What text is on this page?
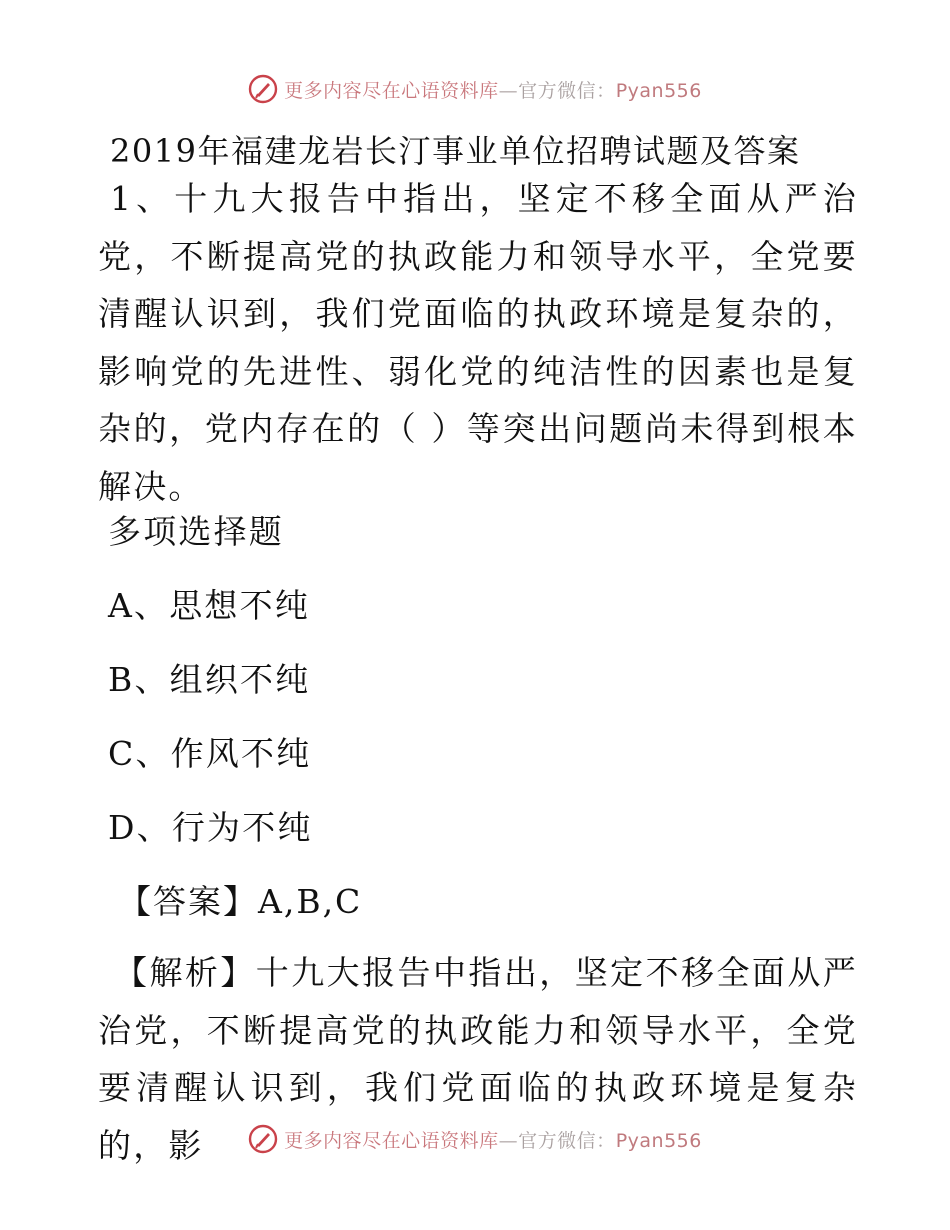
更多内容尽在心语资料库—官方微信：Pyan556
2019年福建龙岩长汀事业单位招聘试题及答案
1、十九大报告中指出，坚定不移全面从严治党，不断提高党的执政能力和领导水平，全党要清醒认识到，我们党面临的执政环境是复杂的，影响党的先进性、弱化党的纯洁性的因素也是复杂的，党内存在的（ ）等突出问题尚未得到根本解决。
多项选择题
A、思想不纯
B、组织不纯
C、作风不纯
D、行为不纯
【答案】A,B,C
【解析】十九大报告中指出，坚定不移全面从严治党，不断提高党的执政能力和领导水平，全党要清醒认识到，我们党面临的执政环境是复杂的，影	更多内容尽在心语资料库—官方微信：Pyan556
